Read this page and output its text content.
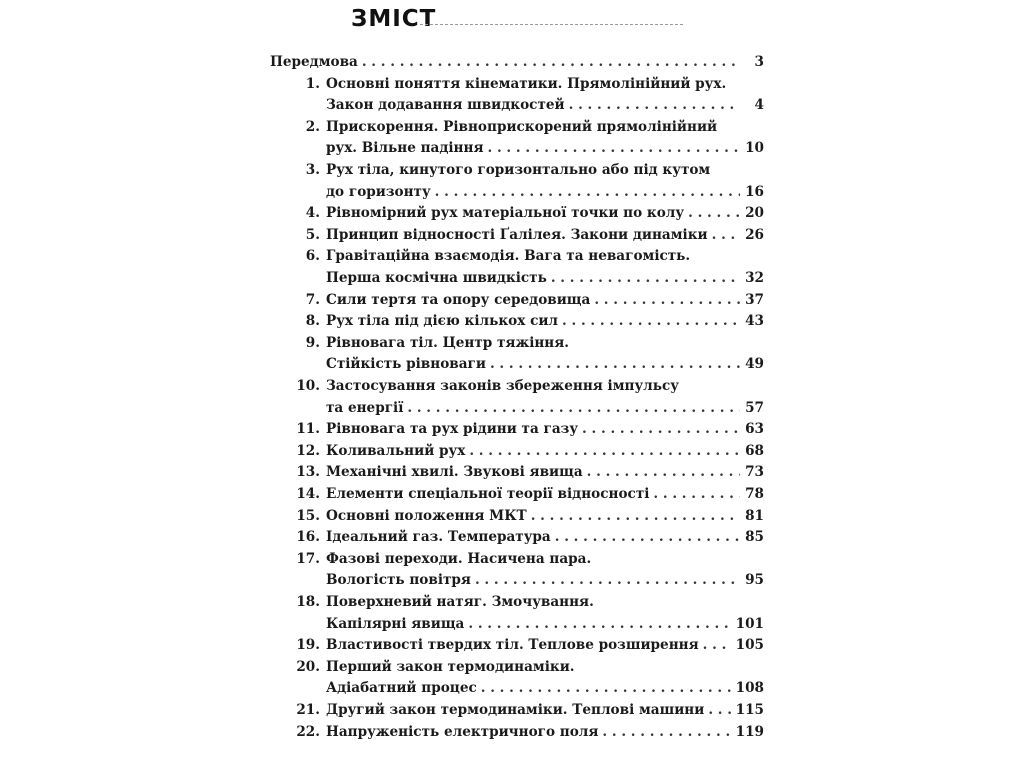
ЗМІСТ
Передмова . . .	3
1. Основні поняття кінематики. Прямолінійний рух.
Закон додавання швидкостей . . .	4
2. Прискорення. Рівноприскорений прямолінійний
рух. Вільне падіння . . .	10
3. Рух тіла, кинутого горизонтально або під кутом
до горизонту . . .	16
4. Рівномірний рух матеріальної точки по колу . . .	20
5. Принцип відносності Ґалілея. Закони динаміки . . .	26
6. Гравітаційна взаємодія. Вага та невагомість.
Перша космічна швидкість . . .	32
7. Сили тертя та опору середовища . . .	37
8. Рух тіла під дією кількох сил . . .	43
9. Рівновага тіл. Центр тяжіння.
Стійкість рівноваги . . .	49
10. Застосування законів збереження імпульсу
та енергії . . .	57
11. Рівновага та рух рідини та газу . . .	63
12. Коливальний рух . . .	68
13. Механічні хвилі. Звукові явища . . .	73
14. Елементи спеціальної теорії відносності . . .	78
15. Основні положення МКТ . . .	81
16. Ідеальний газ. Температура . . .	85
17. Фазові переходи. Насичена пара.
Вологість повітря . . .	95
18. Поверхневий натяг. Змочування.
Капілярні явища . . .	101
19. Властивості твердих тіл. Теплове розширення . . .	105
20. Перший закон термодинаміки.
Адіабатний процес . . .	108
21. Другий закон термодинаміки. Теплові машини . . . 115
22. Напруженість електричного поля . . .	119
